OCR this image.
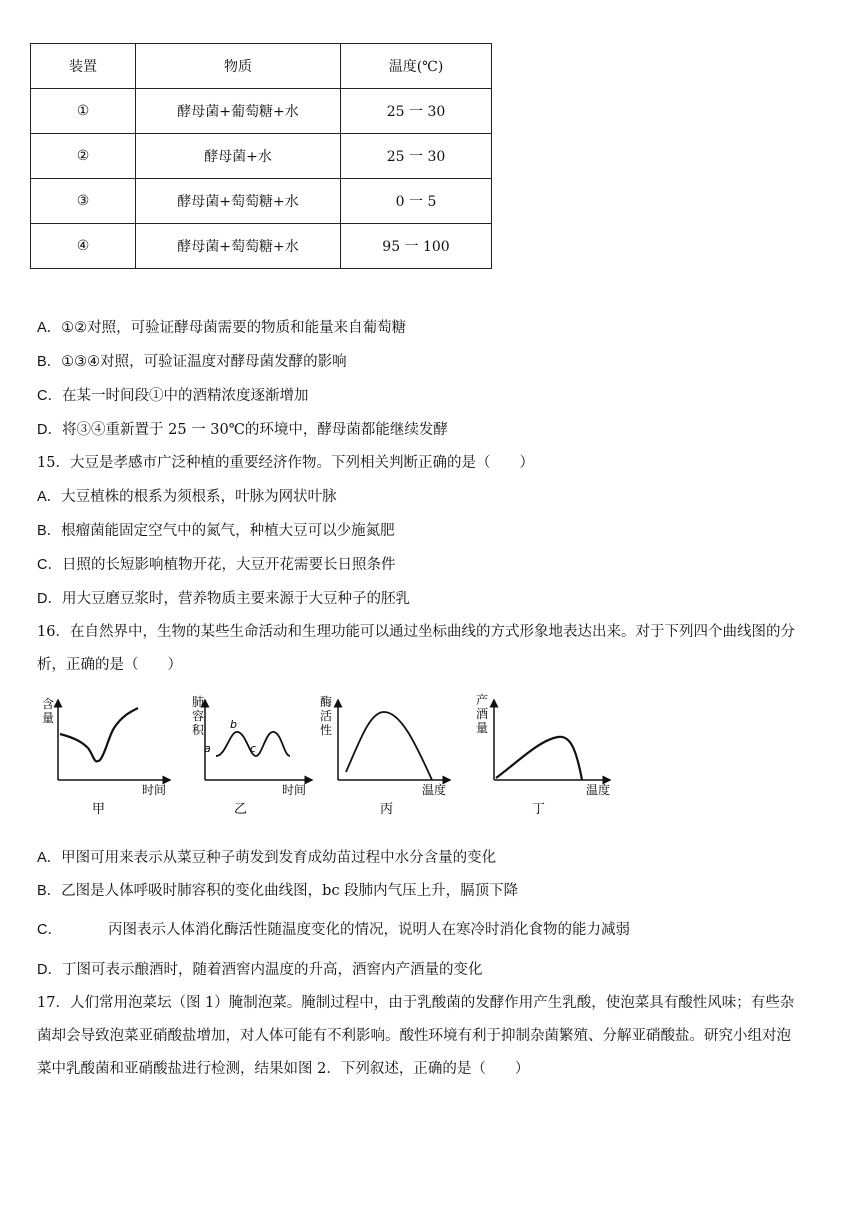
装置	物质	温度(℃)
①	酵母菌+葡萄糖+水	25 一 30
②	酵母菌+水	25 一 30
③	酵母菌+萄萄糖+水	0 一 5
④	酵母菌+萄萄糖+水	95 一 100
A．①②对照，可验证酵母菌需要的物质和能量来自葡萄糖
B．①③④对照，可验证温度对酵母菌发酵的影响
C．在某一时间段①中的酒精浓度逐渐增加
D．将③④重新置于 25 一 30℃的环境中，酵母菌都能继续发酵
15．大豆是孝感市广泛种植的重要经济作物。下列相关判断正确的是（　　）
A．大豆植株的根系为须根系，叶脉为网状叶脉
B．根瘤菌能固定空气中的氮气，种植大豆可以少施氮肥
C．日照的长短影响植物开花，大豆开花需要长日照条件
D．用大豆磨豆浆时，营养物质主要来源于大豆种子的胚乳
16．在自然界中，生物的某些生命活动和生理功能可以通过坐标曲线的方式形象地表达出来。对于下列四个曲线图的分
析，正确的是（　　）
含
量
时间
甲
肺
容
积
a
b
c
时间
乙
酶
活
性
温度
丙
产
酒
量
温度
丁
A．甲图可用来表示从菜豆种子萌发到发育成幼苗过程中水分含量的变化
B．乙图是人体呼吸时肺容积的变化曲线图，bc 段肺内气压上升，膈顶下降
C．	丙图表示人体消化酶活性随温度变化的情况，说明人在寒冷时消化食物的能力减弱
D．丁图可表示酿酒时，随着酒窖内温度的升高，酒窖内产酒量的变化
17．人们常用泡菜坛（图 1）腌制泡菜。腌制过程中，由于乳酸菌的发酵作用产生乳酸，使泡菜具有酸性风味；有些杂
菌却会导致泡菜亚硝酸盐增加，对人体可能有不利影响。酸性环境有利于抑制杂菌繁殖、分解亚硝酸盐。研究小组对泡
菜中乳酸菌和亚硝酸盐进行检测，结果如图 2．下列叙述，正确的是（　　）
